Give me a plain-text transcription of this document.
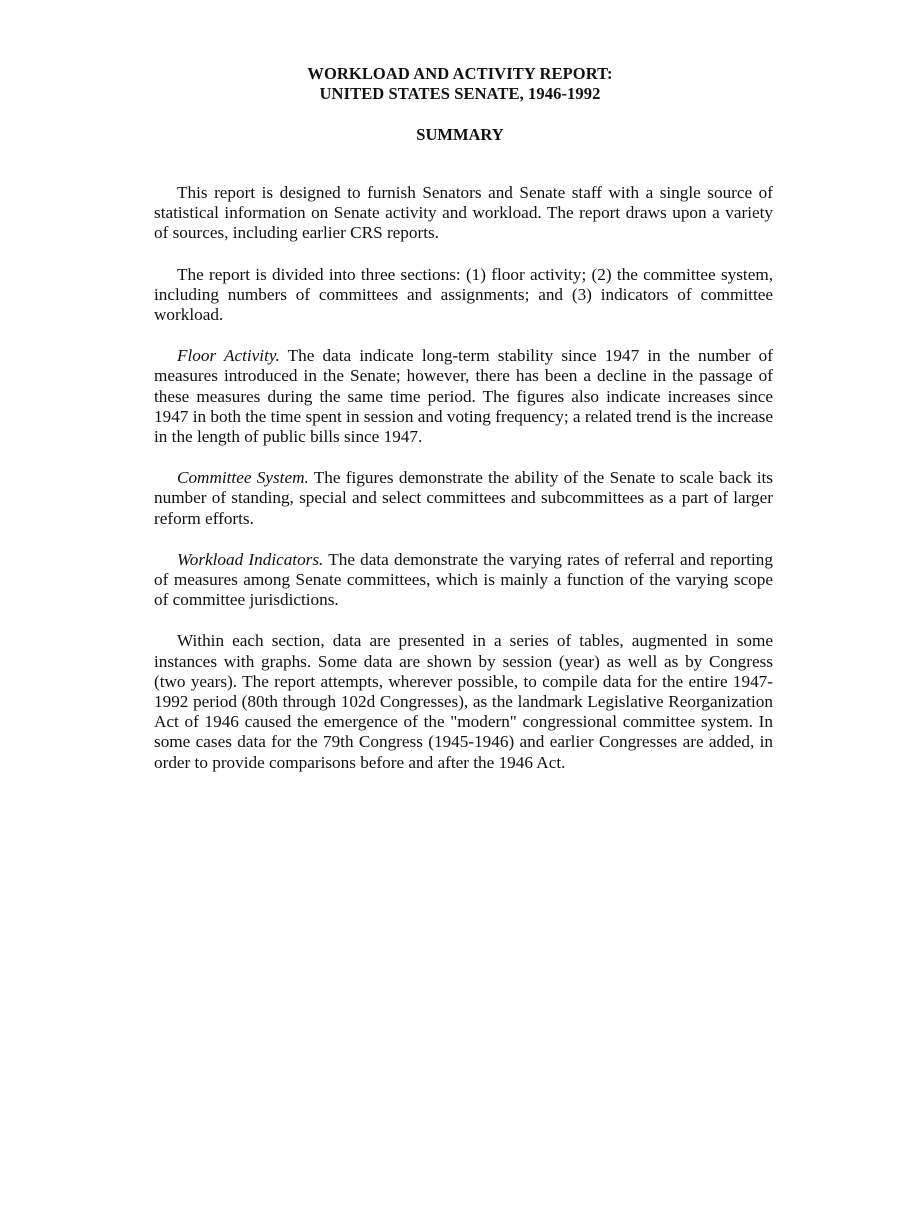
WORKLOAD AND ACTIVITY REPORT:
UNITED STATES SENATE, 1946-1992
SUMMARY

This report is designed to furnish Senators and Senate staff with a single source of statistical information on Senate activity and workload. The report draws upon a variety of sources, including earlier CRS reports.

The report is divided into three sections: (1) floor activity; (2) the committee system, including numbers of committees and assignments; and (3) indicators of committee workload.

Floor Activity. The data indicate long-term stability since 1947 in the number of measures introduced in the Senate; however, there has been a decline in the passage of these measures during the same time period. The figures also indicate increases since 1947 in both the time spent in session and voting frequency; a related trend is the increase in the length of public bills since 1947.

Committee System. The figures demonstrate the ability of the Senate to scale back its number of standing, special and select committees and subcommittees as a part of larger reform efforts.

Workload Indicators. The data demonstrate the varying rates of referral and reporting of measures among Senate committees, which is mainly a function of the varying scope of committee jurisdictions.

Within each section, data are presented in a series of tables, augmented in some instances with graphs. Some data are shown by session (year) as well as by Congress (two years). The report attempts, wherever possible, to compile data for the entire 1947-1992 period (80th through 102d Congresses), as the landmark Legislative Reorganization Act of 1946 caused the emergence of the "modern" congressional committee system. In some cases data for the 79th Congress (1945-1946) and earlier Congresses are added, in order to provide comparisons before and after the 1946 Act.
